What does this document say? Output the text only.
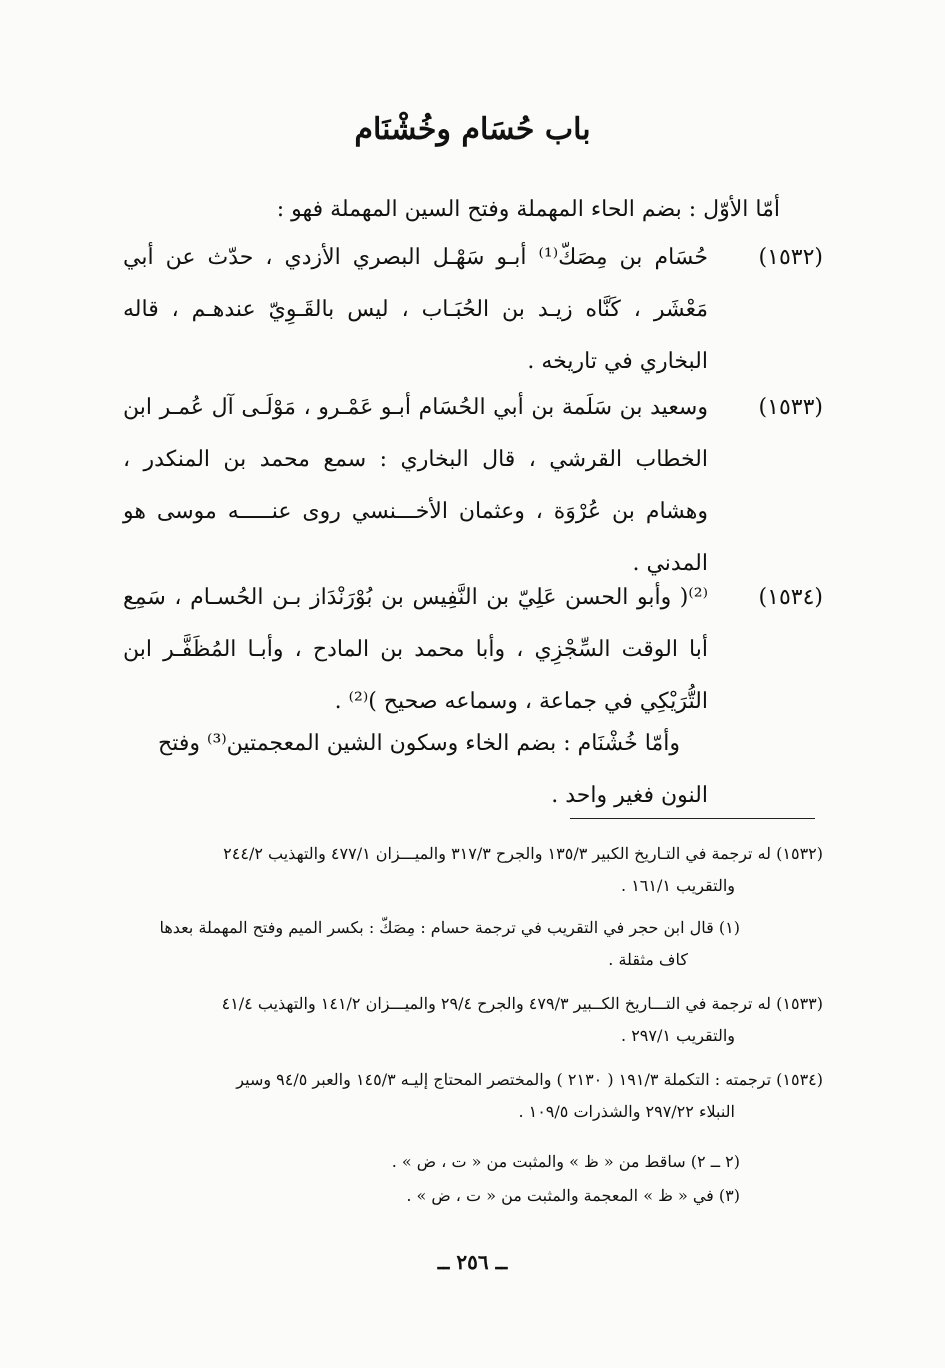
باب حُسَام وخُشْنَام
أمّا الأوّل : بضم الحاء المهملة وفتح السين المهملة فهو :
(١٥٣٢)
حُسَام بن مِصَكّ⁽¹⁾ أبـو سَهْـل البصري الأزدي ، حدّث عن أبي مَعْشَر ، كَنَّاه زيـد بن الحُبَـاب ، ليس بالقَـوِيّ عندهـم ، قاله البخاري في تاريخه .
(١٥٣٣)
وسعيد بن سَلَمة بن أبي الحُسَام أبـو عَمْـرو ، مَوْلَـى آل عُمـر ابن الخطاب القرشي ، قال البخاري : سمع محمد بن المنكدر ، وهشام بن عُرْوَة ، وعثمان الأخـــنسي روى عنـــــه موسى هو المدني .
(١٥٣٤)
⁽²⁾( وأبو الحسن عَلِيّ بن النَّفِيس بن بُوْرَنْدَاز بـن الحُسـام ، سَمِع أبا الوقت السِّجْزِي ، وأبا محمد بن المادح ، وأبـا المُظَفَّـر ابن التُّرَيْكِي في جماعة ، وسماعه صحيح )⁽²⁾ .
وأمّا خُشْنَام : بضم الخاء وسكون الشين المعجمتين⁽³⁾ وفتح النون فغير واحد .
(١٥٣٢) له ترجمة في التـاريخ الكبير ١٣٥/٣ والجرح ٣١٧/٣ والميـــزان ٤٧٧/١ والتهذيب ٢٤٤/٢
والتقريب ١٦١/١ .
(١) قال ابن حجر في التقريب في ترجمة حسام : مِصَكّ : بكسر الميم وفتح المهملة بعدها
كاف مثقلة .
(١٥٣٣) له ترجمة في التـــاريخ الكــبير ٤٧٩/٣ والجرح ٢٩/٤ والميـــزان ١٤١/٢ والتهذيب ٤١/٤
والتقريب ٢٩٧/١ .
(١٥٣٤) ترجمته : التكملة ١٩١/٣ ( ٢١٣٠ ) والمختصر المحتاج إليـه ١٤٥/٣ والعبر ٩٤/٥ وسير
النبلاء ٢٩٧/٢٢ والشذرات ١٠٩/٥ .
(٢ ــ ٢) ساقط من « ظ » والمثبت من « ت ، ض » .
(٣) في « ظ » المعجمة والمثبت من « ت ، ض » .
ــ ٢٥٦ ــ
